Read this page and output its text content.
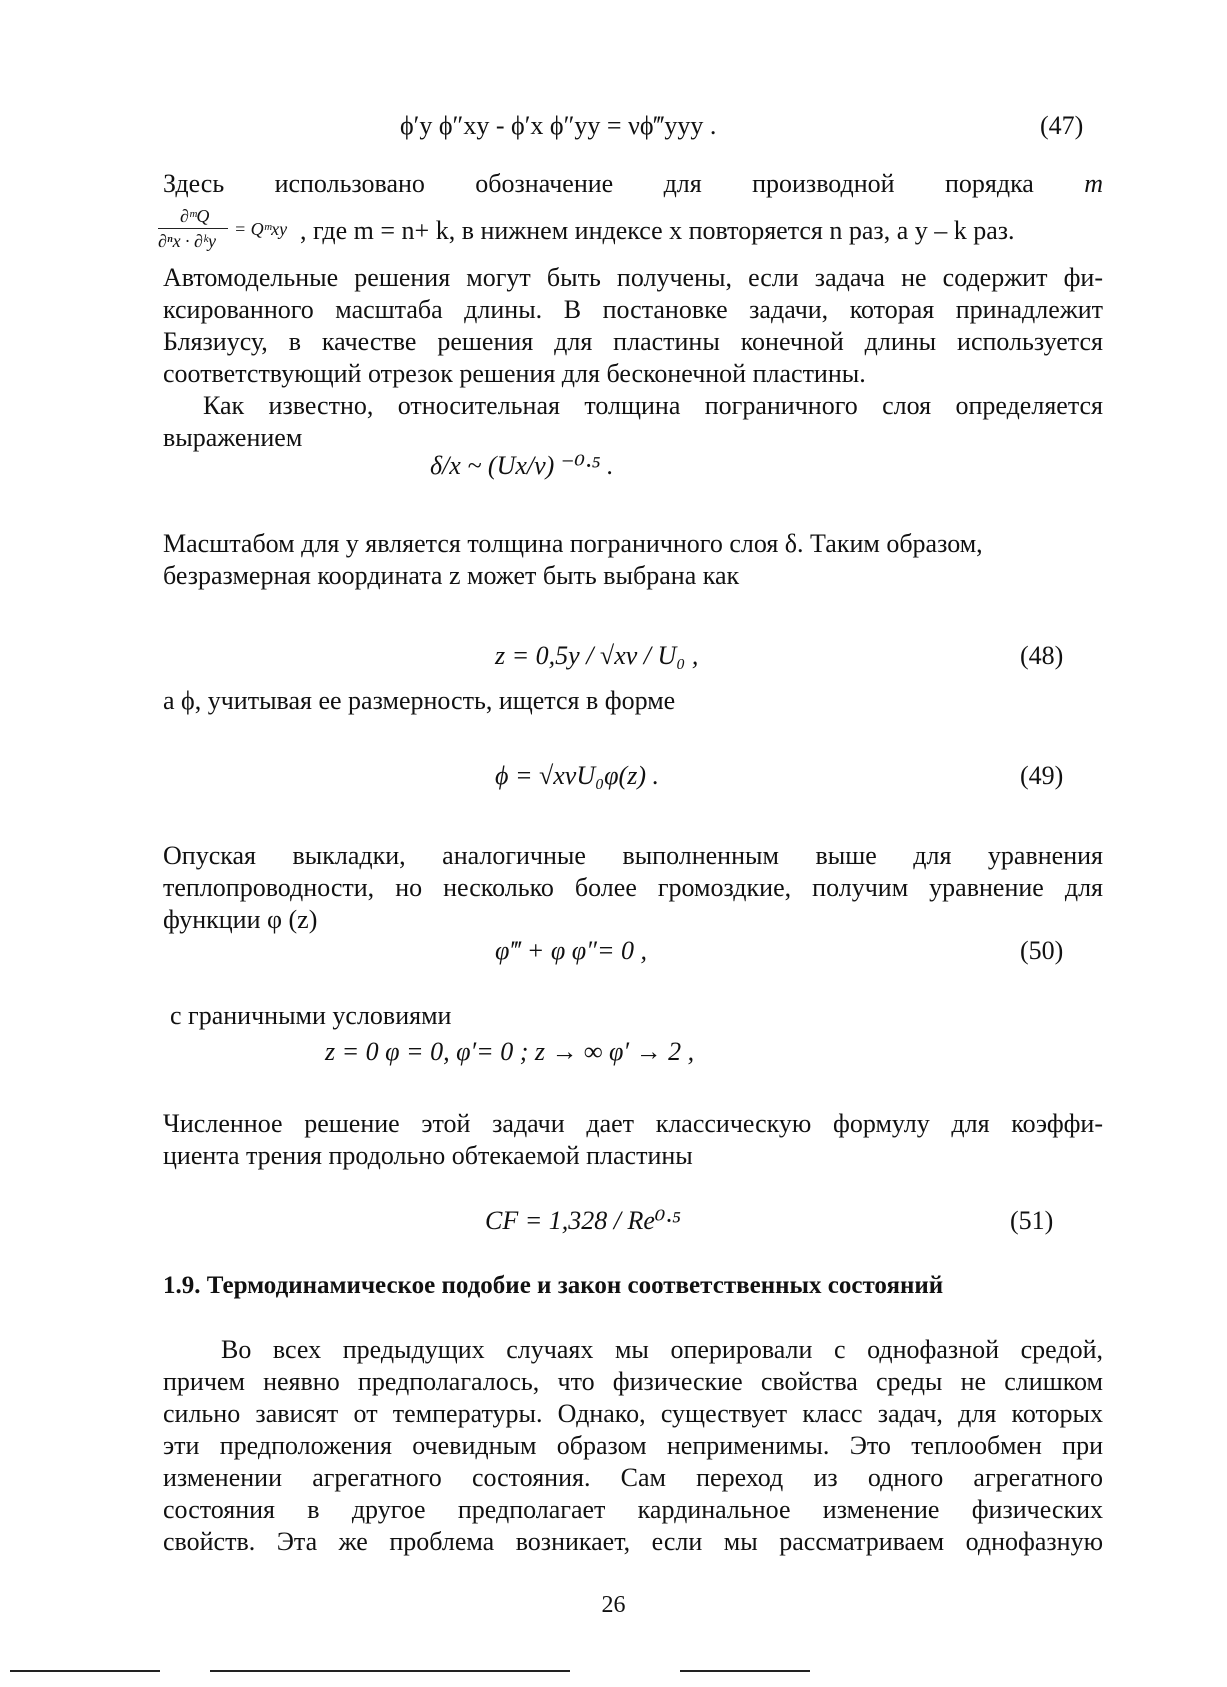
ϕ′y ϕ″xy - ϕ′x ϕ″yy = νϕ‴yyy .	(47)
Здесь использовано обозначение для производной порядка m
∂ᵐQ
∂ⁿx · ∂ᵏy
= Qᵐxy , где m = n+ k, в нижнем индексе x повторяется n раз, а y – k раз.
Автомодельные решения могут быть получены, если задача не содержит фи-
ксированного масштаба длины. В постановке задачи, которая принадлежит
Блязиусу, в качестве решения для пластины конечной длины используется
соответствующий отрезок решения для бесконечной пластины.
Как известно, относительная толщина пограничного слоя определяется
выражением
δ/x ~ (Ux/ν) ⁻⁰·⁵ .
Масштабом для y является толщина пограничного слоя δ. Таким образом,
безразмерная координата z может быть выбрана как
z = 0,5y / √xν / U₀ ,	(48)
а ϕ, учитывая ее размерность, ищется в форме
ϕ = √xνU₀φ(z) .	(49)
Опуская выкладки, аналогичные выполненным выше для уравнения
теплопроводности, но несколько более громоздкие, получим уравнение для
функции φ (z)
φ‴ + φ φ″= 0 ,	(50)
с граничными условиями
z = 0 φ = 0, φ′= 0 ; z → ∞ φ′ → 2 ,
Численное решение этой задачи дает классическую формулу для коэффи-
циента трения продольно обтекаемой пластины
CF = 1,328 / Re⁰·⁵	(51)
1.9. Термодинамическое подобие и закон соответственных состояний
Во всех предыдущих случаях мы оперировали с однофазной средой,
причем неявно предполагалось, что физические свойства среды не слишком
сильно зависят от температуры. Однако, существует класс задач, для которых
эти предположения очевидным образом неприменимы. Это теплообмен при
изменении агрегатного состояния. Сам переход из одного агрегатного
состояния в другое предполагает кардинальное изменение физических
свойств. Эта же проблема возникает, если мы рассматриваем однофазную
26
